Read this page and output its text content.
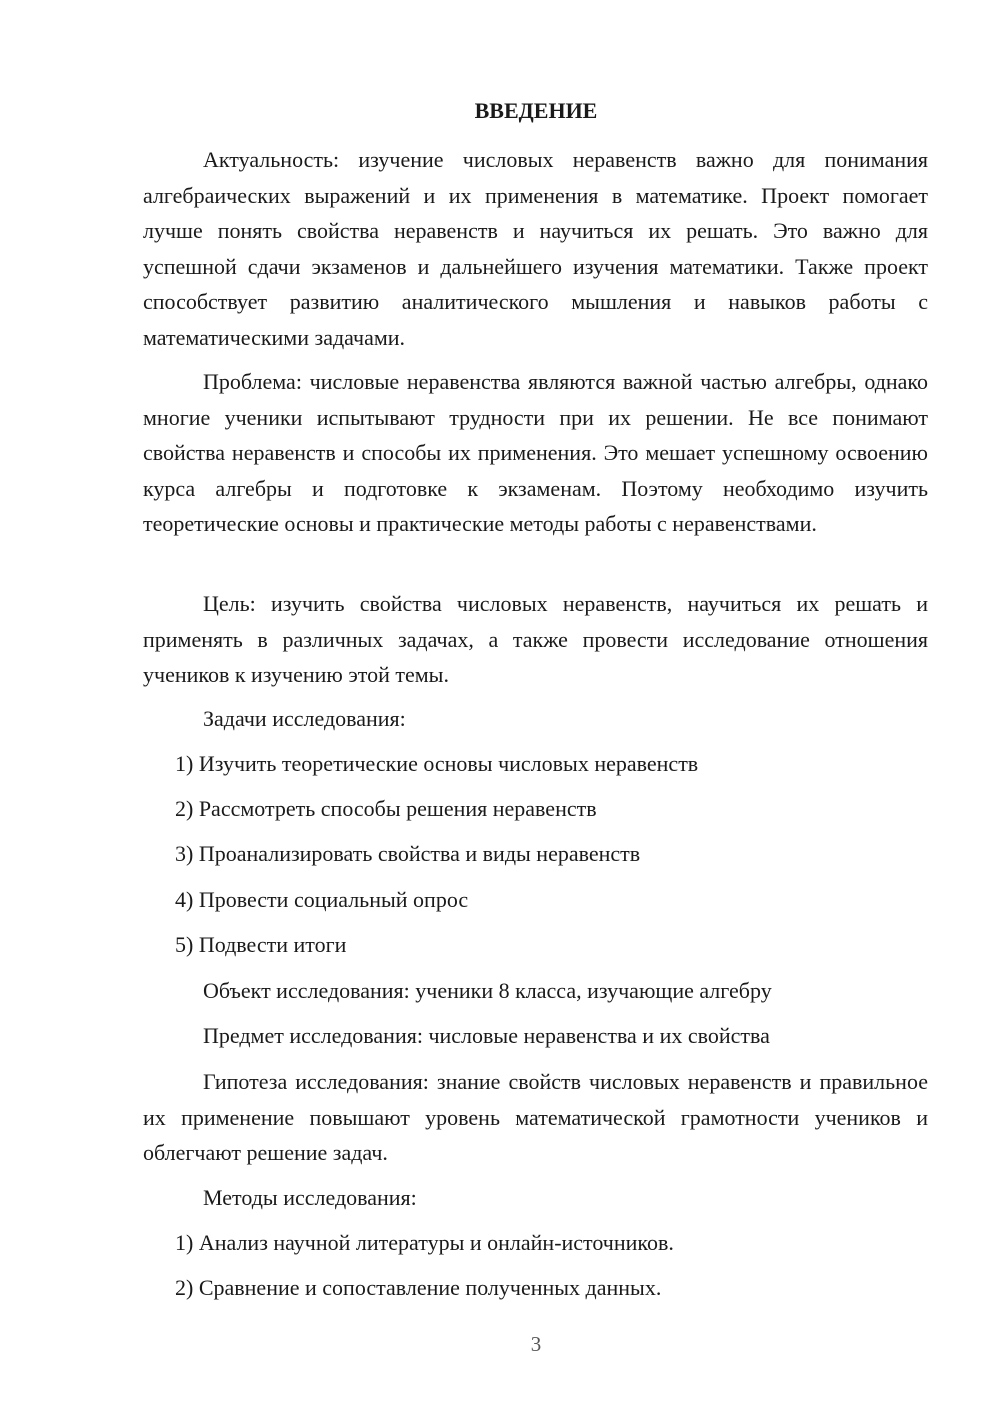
ВВЕДЕНИЕ
Актуальность: изучение числовых неравенств важно для понимания алгебраических выражений и их применения в математике. Проект помогает лучше понять свойства неравенств и научиться их решать. Это важно для успешной сдачи экзаменов и дальнейшего изучения математики. Также проект способствует развитию аналитического мышления и навыков работы с математическими задачами.
Проблема: числовые неравенства являются важной частью алгебры, однако многие ученики испытывают трудности при их решении. Не все понимают свойства неравенств и способы их применения. Это мешает успешному освоению курса алгебры и подготовке к экзаменам. Поэтому необходимо изучить теоретические основы и практические методы работы с неравенствами.
Цель: изучить свойства числовых неравенств, научиться их решать и применять в различных задачах, а также провести исследование отношения учеников к изучению этой темы.
Задачи исследования:
1) Изучить теоретические основы числовых неравенств
2) Рассмотреть способы решения неравенств
3) Проанализировать свойства и виды неравенств
4) Провести социальный опрос
5) Подвести итоги
Объект исследования: ученики 8 класса, изучающие алгебру
Предмет исследования: числовые неравенства и их свойства
Гипотеза исследования: знание свойств числовых неравенств и правильное их применение повышают уровень математической грамотности учеников и облегчают решение задач.
Методы исследования:
1) Анализ научной литературы и онлайн-источников.
2) Сравнение и сопоставление полученных данных.
3
